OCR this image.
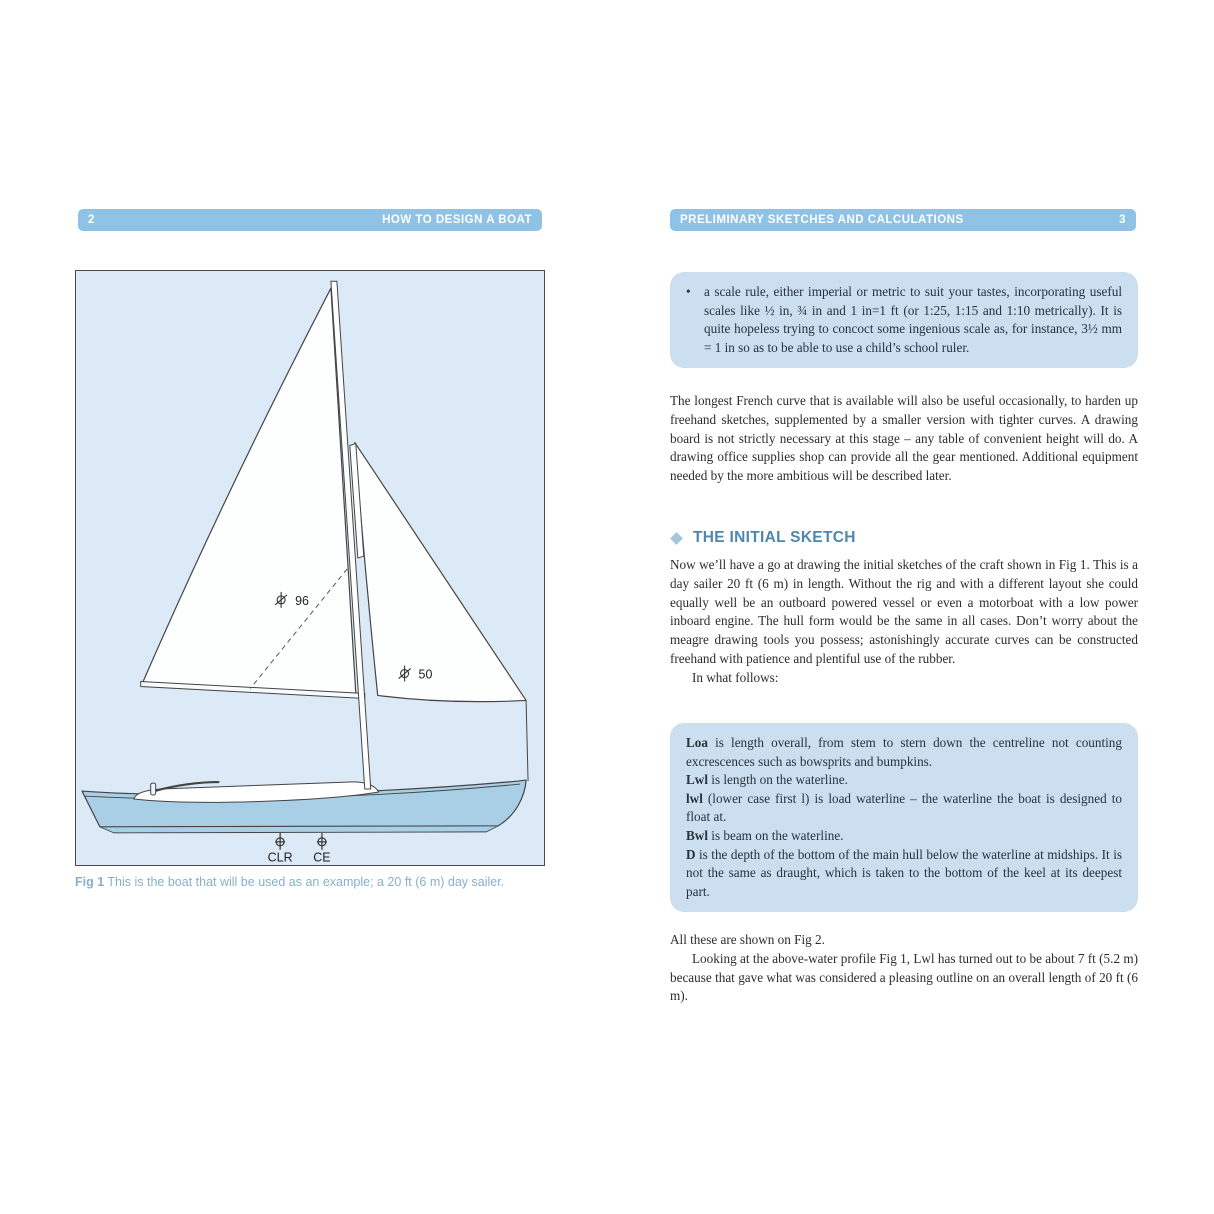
2	HOW TO DESIGN A BOAT	PRELIMINARY SKETCHES AND CALCULATIONS	3
96
50
CLR CE
Fig 1 This is the boat that will be used as an example; a 20 ft (6 m) day sailer.
•	a scale rule, either imperial or metric to suit your tastes, incorporating useful scales like ½ in, ¾ in and 1 in=1 ft (or 1:25, 1:15 and 1:10 metrically). It is quite hopeless trying to concoct some ingenious scale as, for instance, 3½ mm = 1 in so as to be able to use a child’s school ruler.

The longest French curve that is available will also be useful occasionally, to harden up freehand sketches, supplemented by a smaller version with tighter curves. A drawing board is not strictly necessary at this stage – any table of convenient height will do. A drawing office supplies shop can provide all the gear mentioned. Additional equipment needed by the more ambitious will be described later.

THE INITIAL SKETCH

Now we’ll have a go at drawing the initial sketches of the craft shown in Fig 1. This is a day sailer 20 ft (6 m) in length. Without the rig and with a different layout she could equally well be an outboard powered vessel or even a motorboat with a low power inboard engine. The hull form would be the same in all cases. Don’t worry about the meagre drawing tools you possess; astonishingly accurate curves can be constructed freehand with patience and plentiful use of the rubber.

In what follows:

Loa is length overall, from stem to stern down the centreline not counting excrescences such as bowsprits and bumpkins.

Lwl is length on the waterline.

lwl (lower case first l) is load waterline – the waterline the boat is designed to float at.

Bwl is beam on the waterline.

D is the depth of the bottom of the main hull below the waterline at midships. It is not the same as draught, which is taken to the bottom of the keel at its deepest part.

All these are shown on Fig 2.

Looking at the above-water profile Fig 1, Lwl has turned out to be about 7 ft (5.2 m) because that gave what was considered a pleasing outline on an overall length of 20 ft (6 m).
